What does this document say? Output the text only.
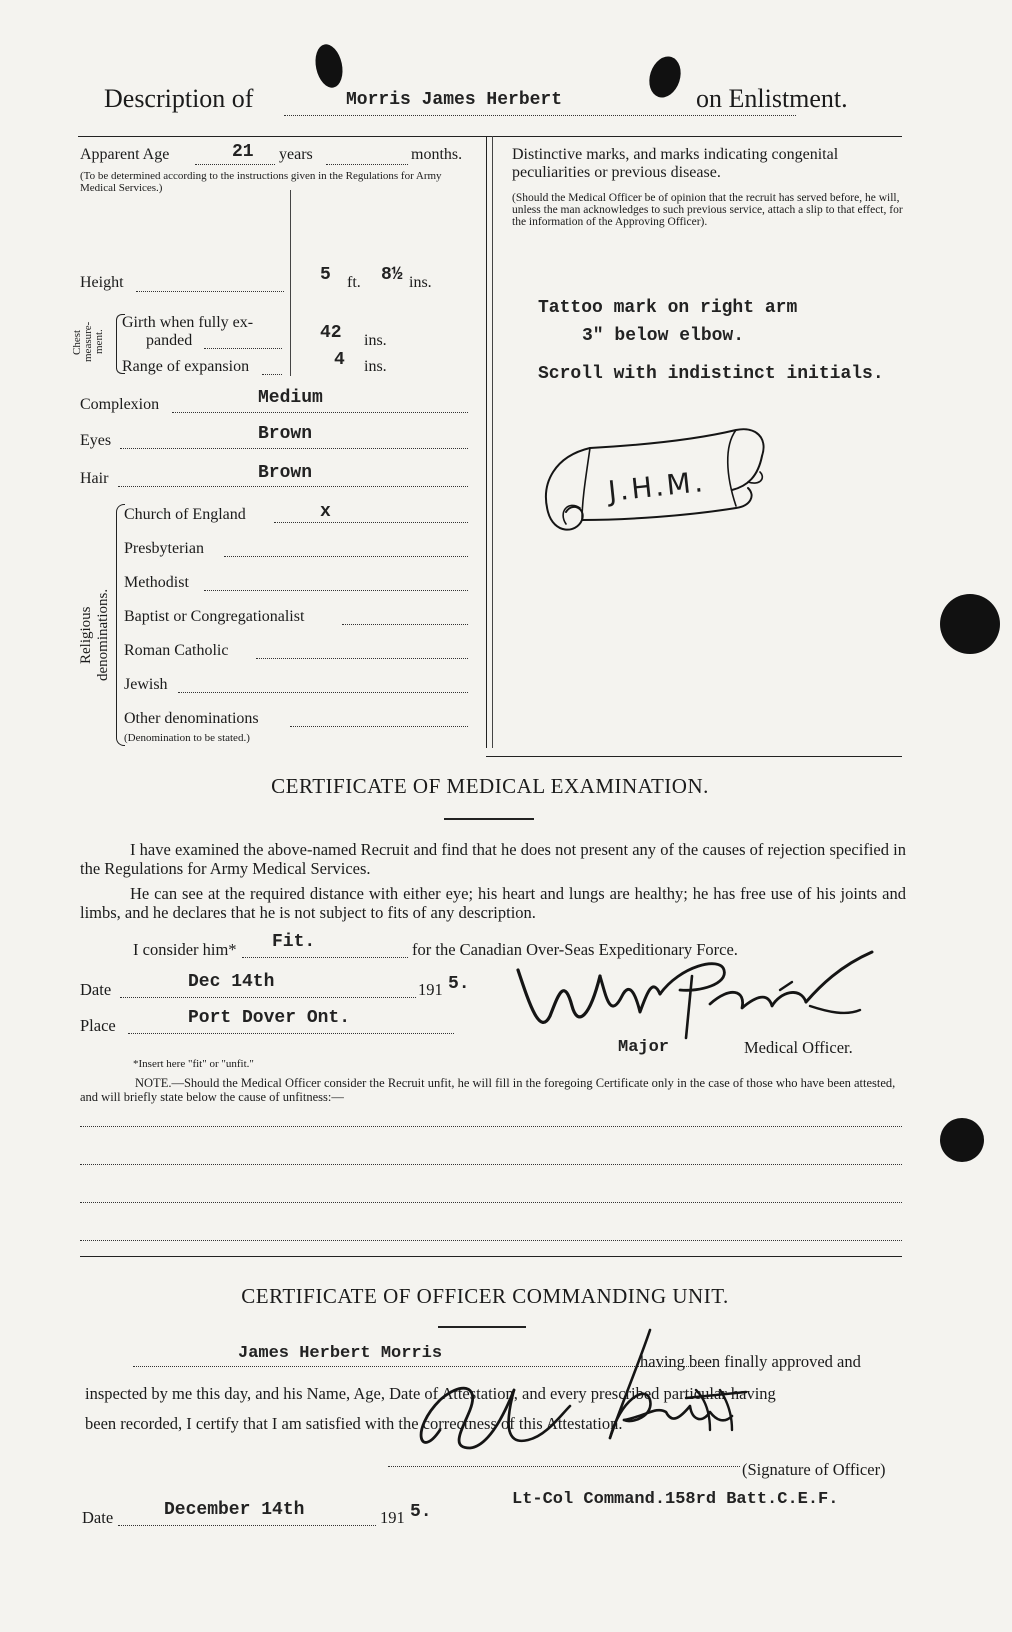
Description of	Morris James Herbert	on Enlistment.
Apparent Age	21 years	months.
(To be determined according to the instructions given in the Regulations for Army Medical Services.)
Height	5 ft. 8½ ins.
Chest measure-ment.
Girth when fully ex-
panded	42 ins.
Range of expansion	4 ins.
Complexion	Medium
Eyes	Brown
Hair	Brown
Religious denominations.
Church of England	x
Presbyterian
Methodist
Baptist or Congregationalist
Roman Catholic
Jewish
Other denominations
(Denomination to be stated.)
Distinctive marks, and marks indicating congenital peculiarities or previous disease.
(Should the Medical Officer be of opinion that the recruit has served before, he will, unless the man acknowledges to such previous service, attach a slip to that effect, for the information of the Approving Officer).
Tattoo mark on right arm
3" below elbow.
Scroll with indistinct initials.
J.H.M.
CERTIFICATE OF MEDICAL EXAMINATION.
I have examined the above-named Recruit and find that he does not present any of the causes of rejection specified in the Regulations for Army Medical Services.
He can see at the required distance with either eye; his heart and lungs are healthy; he has free use of his joints and limbs, and he declares that he is not subject to fits of any description.
I consider him* Fit.	for the Canadian Over-Seas Expeditionary Force.
Date	Dec 14th	191 5.
Place	Port Dover Ont.
Major	Medical Officer.
*Insert here "fit" or "unfit."
NOTE.—Should the Medical Officer consider the Recruit unfit, he will fill in the foregoing Certificate only in the case of those who have been attested, and will briefly state below the cause of unfitness:—
CERTIFICATE OF OFFICER COMMANDING UNIT.
James Herbert Morris	having been finally approved and
inspected by me this day, and his Name, Age, Date of Attestation, and every prescribed particular having
been recorded, I certify that I am satisfied with the correctness of this Attestation.
(Signature of Officer)
Lt-Col Command.158rd Batt.C.E.F.
Date	December 14th	191 5.
